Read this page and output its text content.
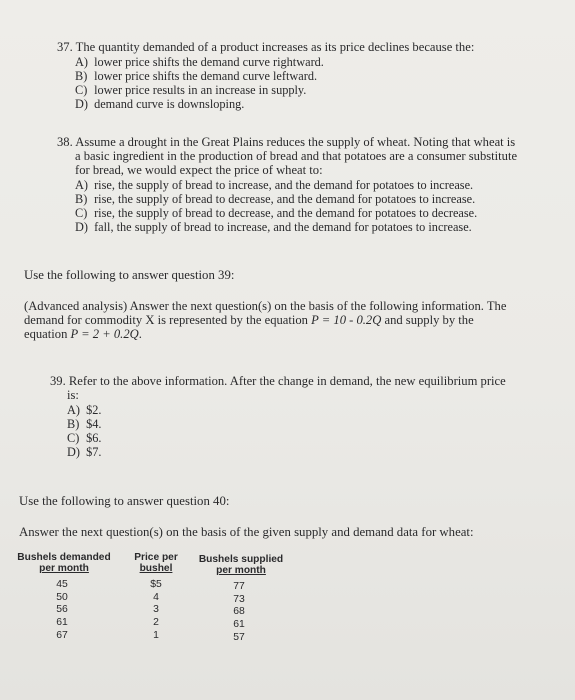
37. The quantity demanded of a product increases as its price declines because the:
A) lower price shifts the demand curve rightward.
B) lower price shifts the demand curve leftward.
C) lower price results in an increase in supply.
D) demand curve is downsloping.
38. Assume a drought in the Great Plains reduces the supply of wheat. Noting that wheat is
a basic ingredient in the production of bread and that potatoes are a consumer substitute
for bread, we would expect the price of wheat to:
A) rise, the supply of bread to increase, and the demand for potatoes to increase.
B) rise, the supply of bread to decrease, and the demand for potatoes to increase.
C) rise, the supply of bread to decrease, and the demand for potatoes to decrease.
D) fall, the supply of bread to increase, and the demand for potatoes to increase.
Use the following to answer question 39:
(Advanced analysis) Answer the next question(s) on the basis of the following information. The
demand for commodity X is represented by the equation P = 10 - 0.2Q and supply by the
equation P = 2 + 0.2Q.
39. Refer to the above information. After the change in demand, the new equilibrium price
is:
A) $2.
B) $4.
C) $6.
D) $7.
Use the following to answer question 40:
Answer the next question(s) on the basis of the given supply and demand data for wheat:
Bushels demanded
per month
Price per
bushel
Bushels supplied
per month
45
50
56
61
67
$5
4
3
2
1
77
73
68
61
57
